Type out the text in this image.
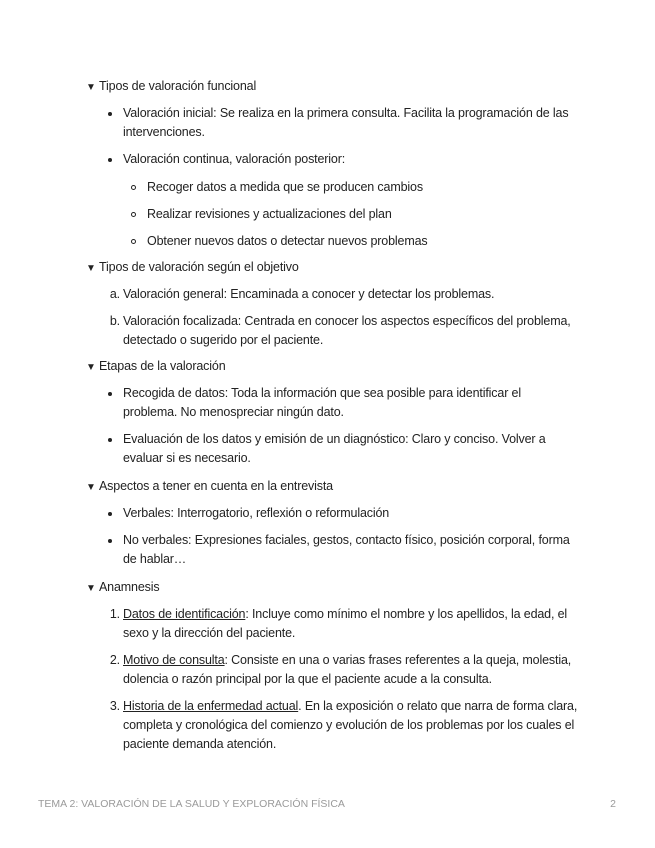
▼ Tipos de valoración funcional
Valoración inicial: Se realiza en la primera consulta. Facilita la programación de las intervenciones.
Valoración continua, valoración posterior:
Recoger datos a medida que se producen cambios
Realizar revisiones y actualizaciones del plan
Obtener nuevos datos o detectar nuevos problemas
▼ Tipos de valoración según el objetivo
a. Valoración general: Encaminada a conocer y detectar los problemas.
b. Valoración focalizada: Centrada en conocer los aspectos específicos del problema, detectado o sugerido por el paciente.
▼ Etapas de la valoración
Recogida de datos: Toda la información que sea posible para identificar el problema. No menospreciar ningún dato.
Evaluación de los datos y emisión de un diagnóstico: Claro y conciso. Volver a evaluar si es necesario.
▼ Aspectos a tener en cuenta en la entrevista
Verbales: Interrogatorio, reflexión o reformulación
No verbales: Expresiones faciales, gestos, contacto físico, posición corporal, forma de hablar…
▼ Anamnesis
1. Datos de identificación: Incluye como mínimo el nombre y los apellidos, la edad, el sexo y la dirección del paciente.
2. Motivo de consulta: Consiste en una o varias frases referentes a la queja, molestia, dolencia o razón principal por la que el paciente acude a la consulta.
3. Historia de la enfermedad actual. En la exposición o relato que narra de forma clara, completa y cronológica del comienzo y evolución de los problemas por los cuales el paciente demanda atención.
TEMA 2: VALORACIÓN DE LA SALUD Y EXPLORACIÓN FÍSICA	2
